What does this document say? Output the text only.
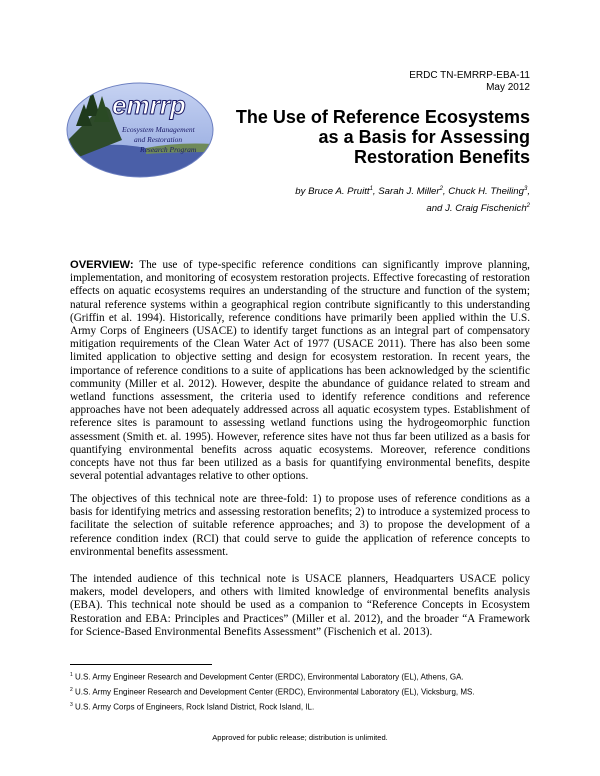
ERDC TN-EMRRP-EBA-11
May 2012
emrrp
Ecosystem Management
and Restoration
Research Program
The Use of Reference Ecosystems
as a Basis for Assessing
Restoration Benefits
by Bruce A. Pruitt$^1$, Sarah J. Miller$^2$, Chuck H. Theiling$^3$,
and J. Craig Fischenich$^2$

OVERVIEW: The use of type-specific reference conditions can significantly improve planning, implementation, and monitoring of ecosystem restoration projects. Effective forecasting of restoration effects on aquatic ecosystems requires an understanding of the structure and function of the system; natural reference systems within a geographical region contribute significantly to this understanding (Griffin et al. 1994). Historically, reference conditions have primarily been applied within the U.S. Army Corps of Engineers (USACE) to identify target functions as an integral part of compensatory mitigation requirements of the Clean Water Act of 1977 (USACE 2011). There has also been some limited application to objective setting and design for ecosystem restoration. In recent years, the importance of reference conditions to a suite of applications has been acknowledged by the scientific community (Miller et al. 2012). However, despite the abundance of guidance related to stream and wetland functions assessment, the criteria used to identify reference conditions and reference approaches have not been adequately addressed across all aquatic ecosystem types. Establishment of reference sites is paramount to assessing wetland functions using the hydrogeomorphic function assessment (Smith et. al. 1995). However, reference sites have not thus far been utilized as a basis for quantifying environmental benefits across aquatic ecosystems. Moreover, reference conditions concepts have not thus far been utilized as a basis for quantifying environmental benefits, despite several potential advantages relative to other options.

The objectives of this technical note are three-fold: 1) to propose uses of reference conditions as a basis for identifying metrics and assessing restoration benefits; 2) to introduce a systemized process to facilitate the selection of suitable reference approaches; and 3) to propose the development of a reference condition index (RCI) that could serve to guide the application of reference concepts to environmental benefits assessment.

The intended audience of this technical note is USACE planners, Headquarters USACE policy makers, model developers, and others with limited knowledge of environmental benefits analysis (EBA). This technical note should be used as a companion to “Reference Concepts in Ecosystem Restoration and EBA: Principles and Practices” (Miller et al. 2012), and the broader “A Framework for Science-Based Environmental Benefits Assessment” (Fischenich et al. 2013).

$^1$ U.S. Army Engineer Research and Development Center (ERDC), Environmental Laboratory (EL), Athens, GA.
$^2$ U.S. Army Engineer Research and Development Center (ERDC), Environmental Laboratory (EL), Vicksburg, MS.
$^3$ U.S. Army Corps of Engineers, Rock Island District, Rock Island, IL.
Approved for public release; distribution is unlimited.
